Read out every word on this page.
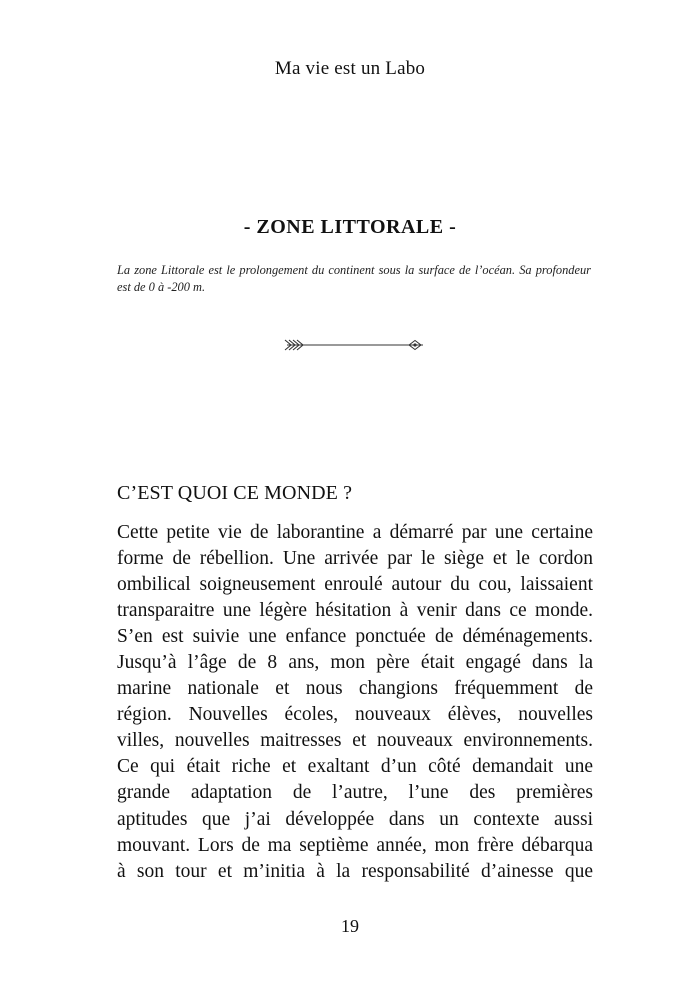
Ma vie est un Labo
- ZONE LITTORALE -
La zone Littorale est le prolongement du continent sous la surface de l’océan. Sa profondeur est de 0 à -200 m.
C’EST QUOI CE MONDE ?
Cette petite vie de laborantine a démarré par une certaine
forme de rébellion. Une arrivée par le siège et le cordon
ombilical soigneusement enroulé autour du cou, laissaient
transparaitre une légère hésitation à venir dans ce monde.
S’en est suivie une enfance ponctuée de déménagements.
Jusqu’à l’âge de 8 ans, mon père était engagé dans la
marine nationale et nous changions fréquemment de
région. Nouvelles écoles, nouveaux élèves, nouvelles
villes, nouvelles maitresses et nouveaux environnements.
Ce qui était riche et exaltant d’un côté demandait une
grande adaptation de l’autre, l’une des premières
aptitudes que j’ai développée dans un contexte aussi
mouvant. Lors de ma septième année, mon frère débarqua
à son tour et m’initia à la responsabilité d’ainesse que
19
